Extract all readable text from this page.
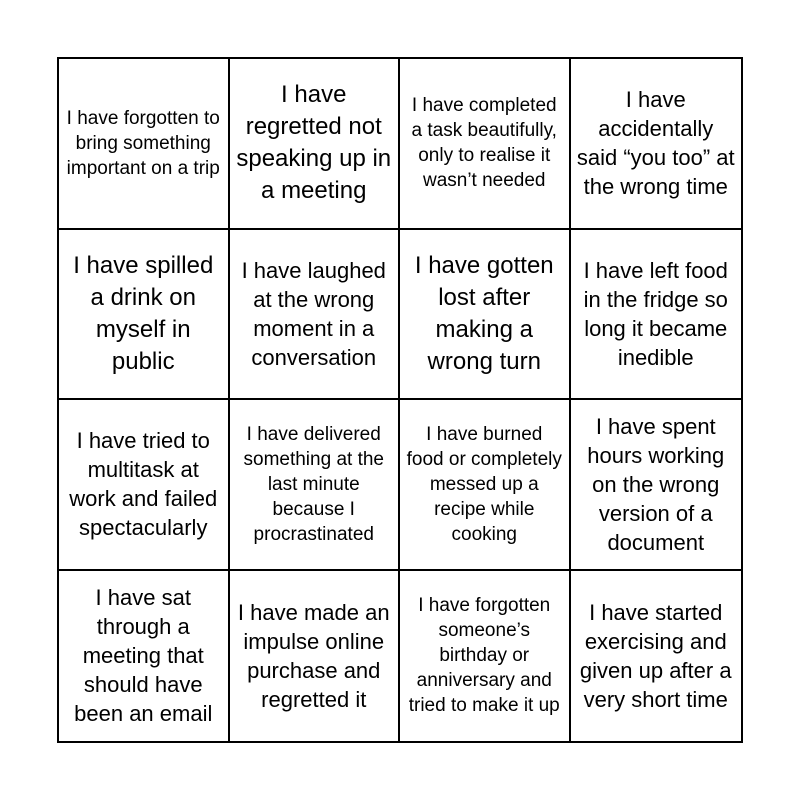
I have forgotten to bring something important on a trip
I have regretted not speaking up in a meeting
I have completed a task beautifully, only to realise it wasn’t needed
I have accidentally said “you too” at the wrong time
I have spilled a drink on myself in public
I have laughed at the wrong moment in a conversation
I have gotten lost after making a wrong turn
I have left food in the fridge so long it became inedible
I have tried to multitask at work and failed spectacularly
I have delivered something at the last minute because I procrastinated
I have burned food or completely messed up a recipe while cooking
I have spent hours working on the wrong version of a document
I have sat through a meeting that should have been an email
I have made an impulse online purchase and regretted it
I have forgotten someone’s birthday or anniversary and tried to make it up
I have started exercising and given up after a very short time
